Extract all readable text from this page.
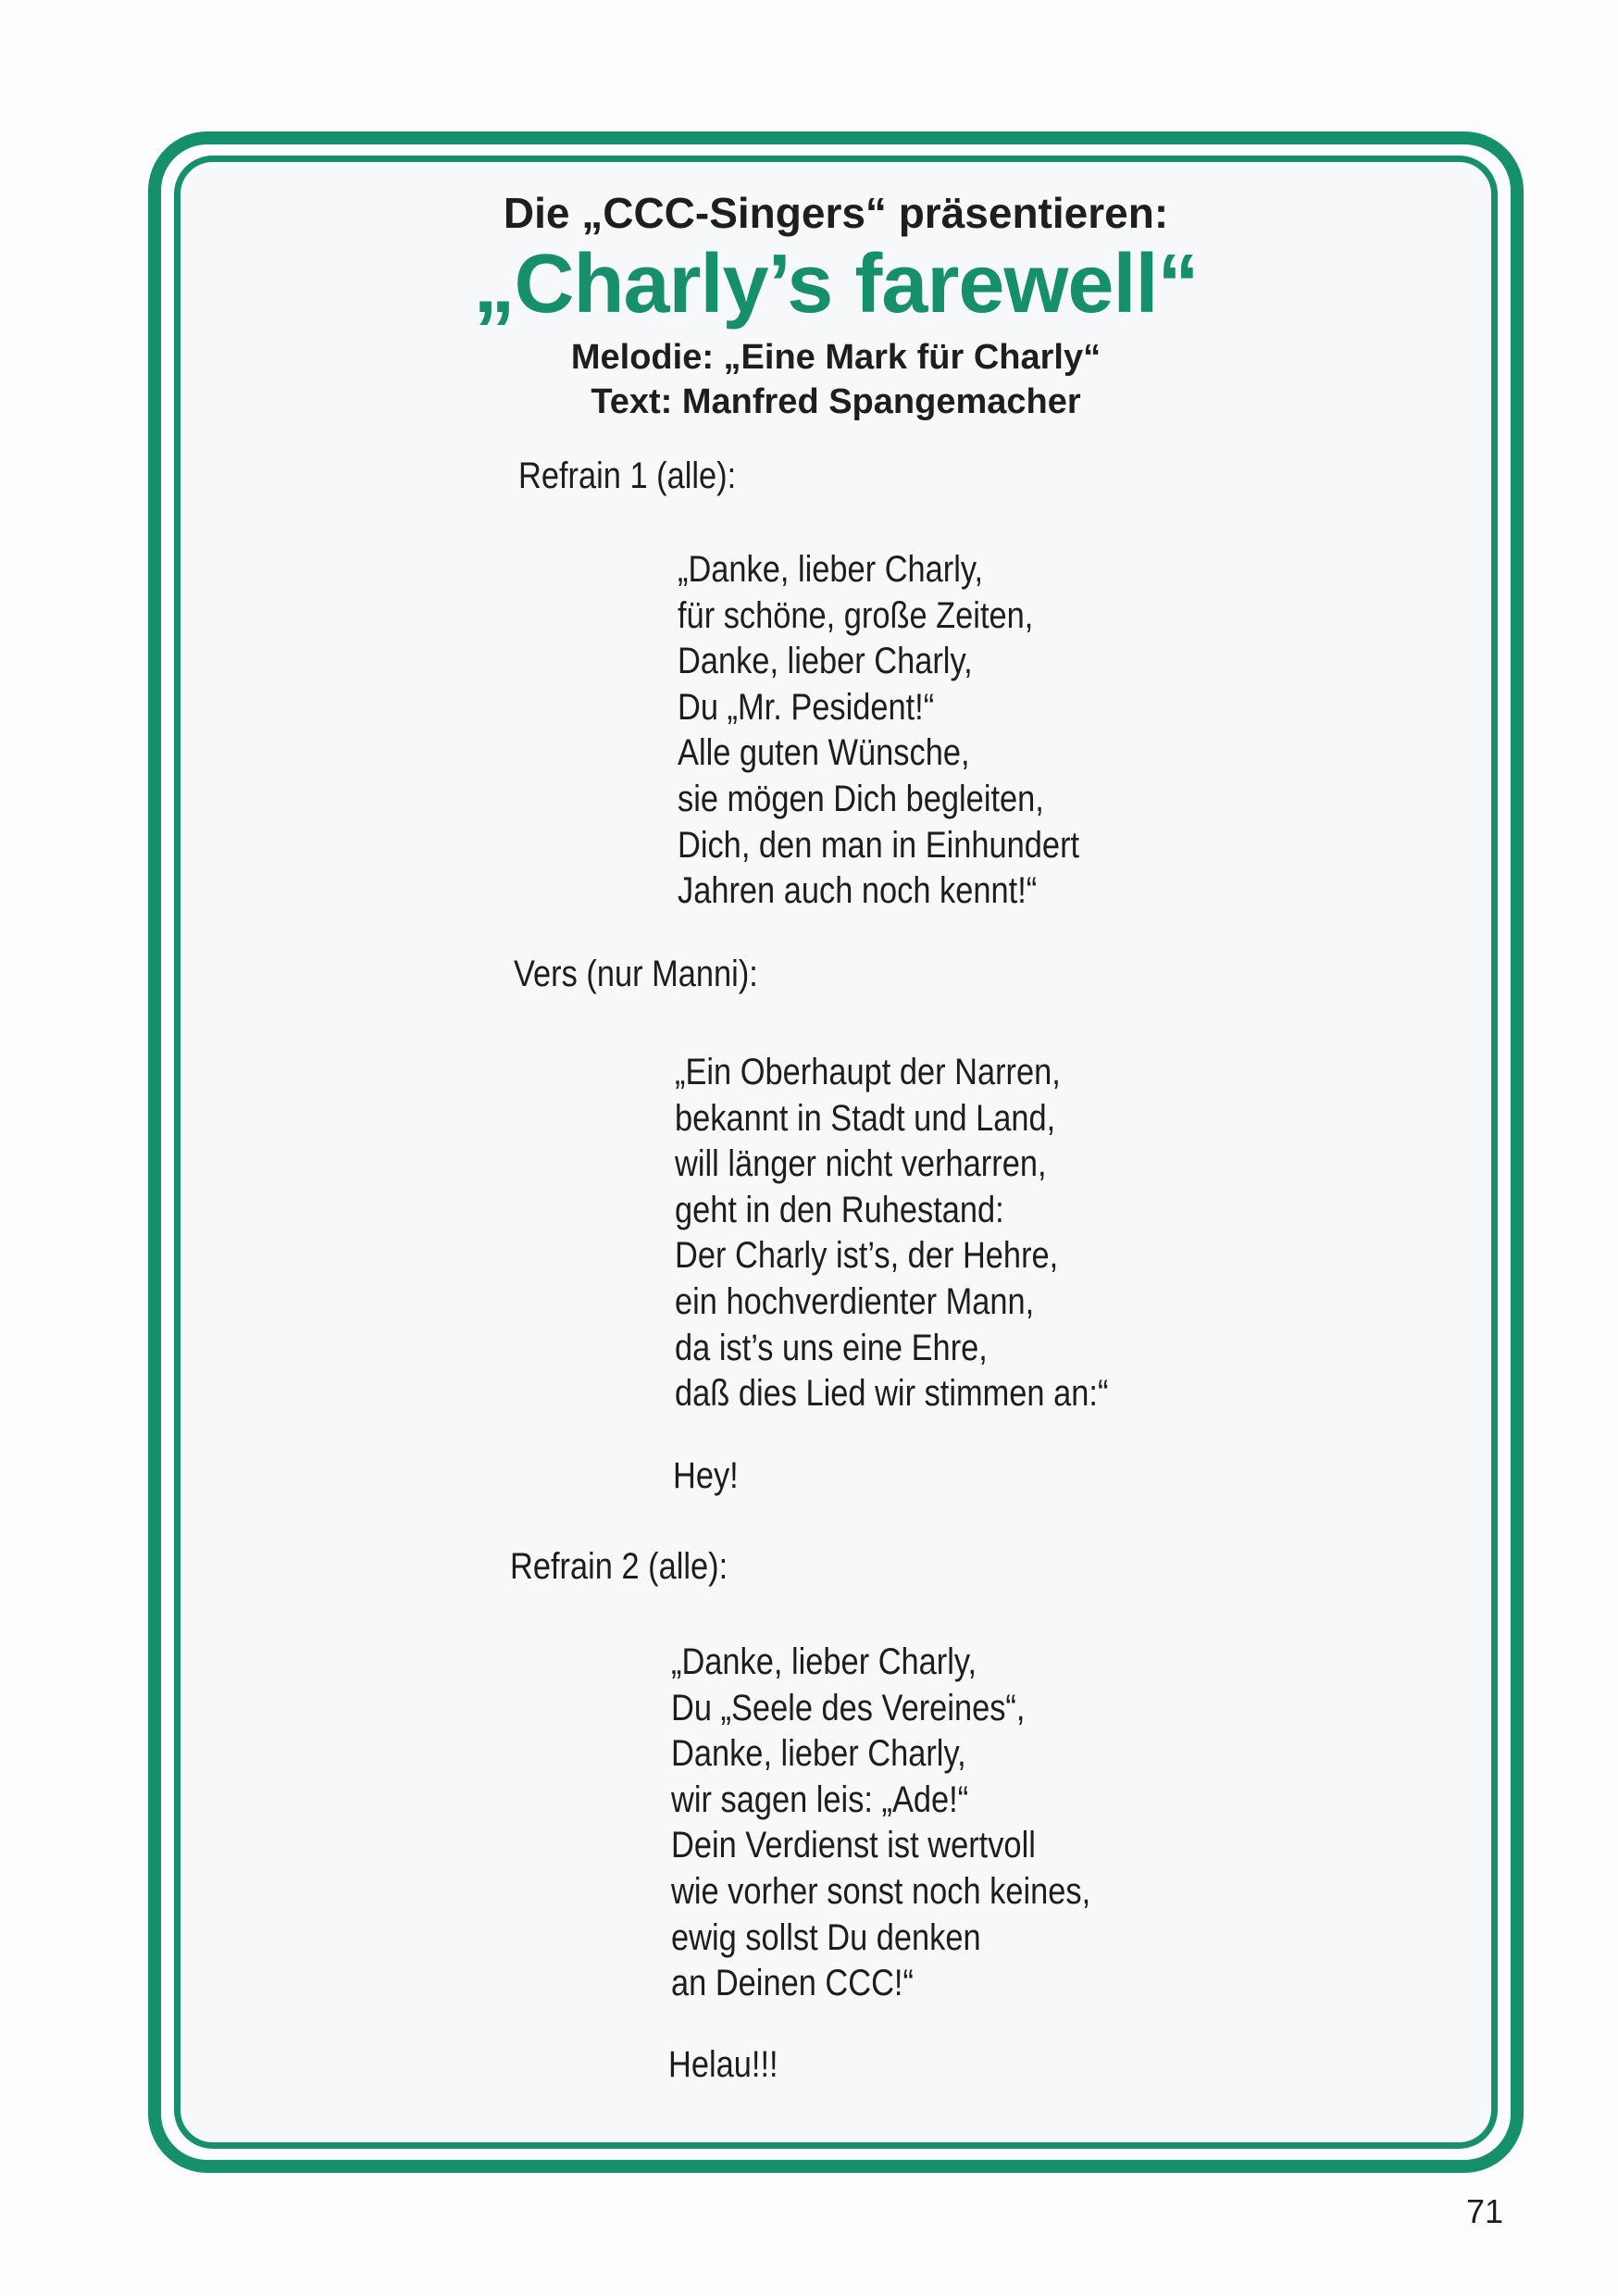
Die „CCC-Singers“ präsentieren:
„Charly’s farewell“
Melodie: „Eine Mark für Charly“
Text: Manfred Spangemacher
Refrain 1 (alle):
„Danke, lieber Charly,
für schöne, große Zeiten,
Danke, lieber Charly,
Du „Mr. Pesident!“
Alle guten Wünsche,
sie mögen Dich begleiten,
Dich, den man in Einhundert
Jahren auch noch kennt!“
Vers (nur Manni):
„Ein Oberhaupt der Narren,
bekannt in Stadt und Land,
will länger nicht verharren,
geht in den Ruhestand:
Der Charly ist’s, der Hehre,
ein hochverdienter Mann,
da ist’s uns eine Ehre,
daß dies Lied wir stimmen an:“
Hey!
Refrain 2 (alle):
„Danke, lieber Charly,
Du „Seele des Vereines“,
Danke, lieber Charly,
wir sagen leis: „Ade!“
Dein Verdienst ist wertvoll
wie vorher sonst noch keines,
ewig sollst Du denken
an Deinen CCC!“
Helau!!!
71
